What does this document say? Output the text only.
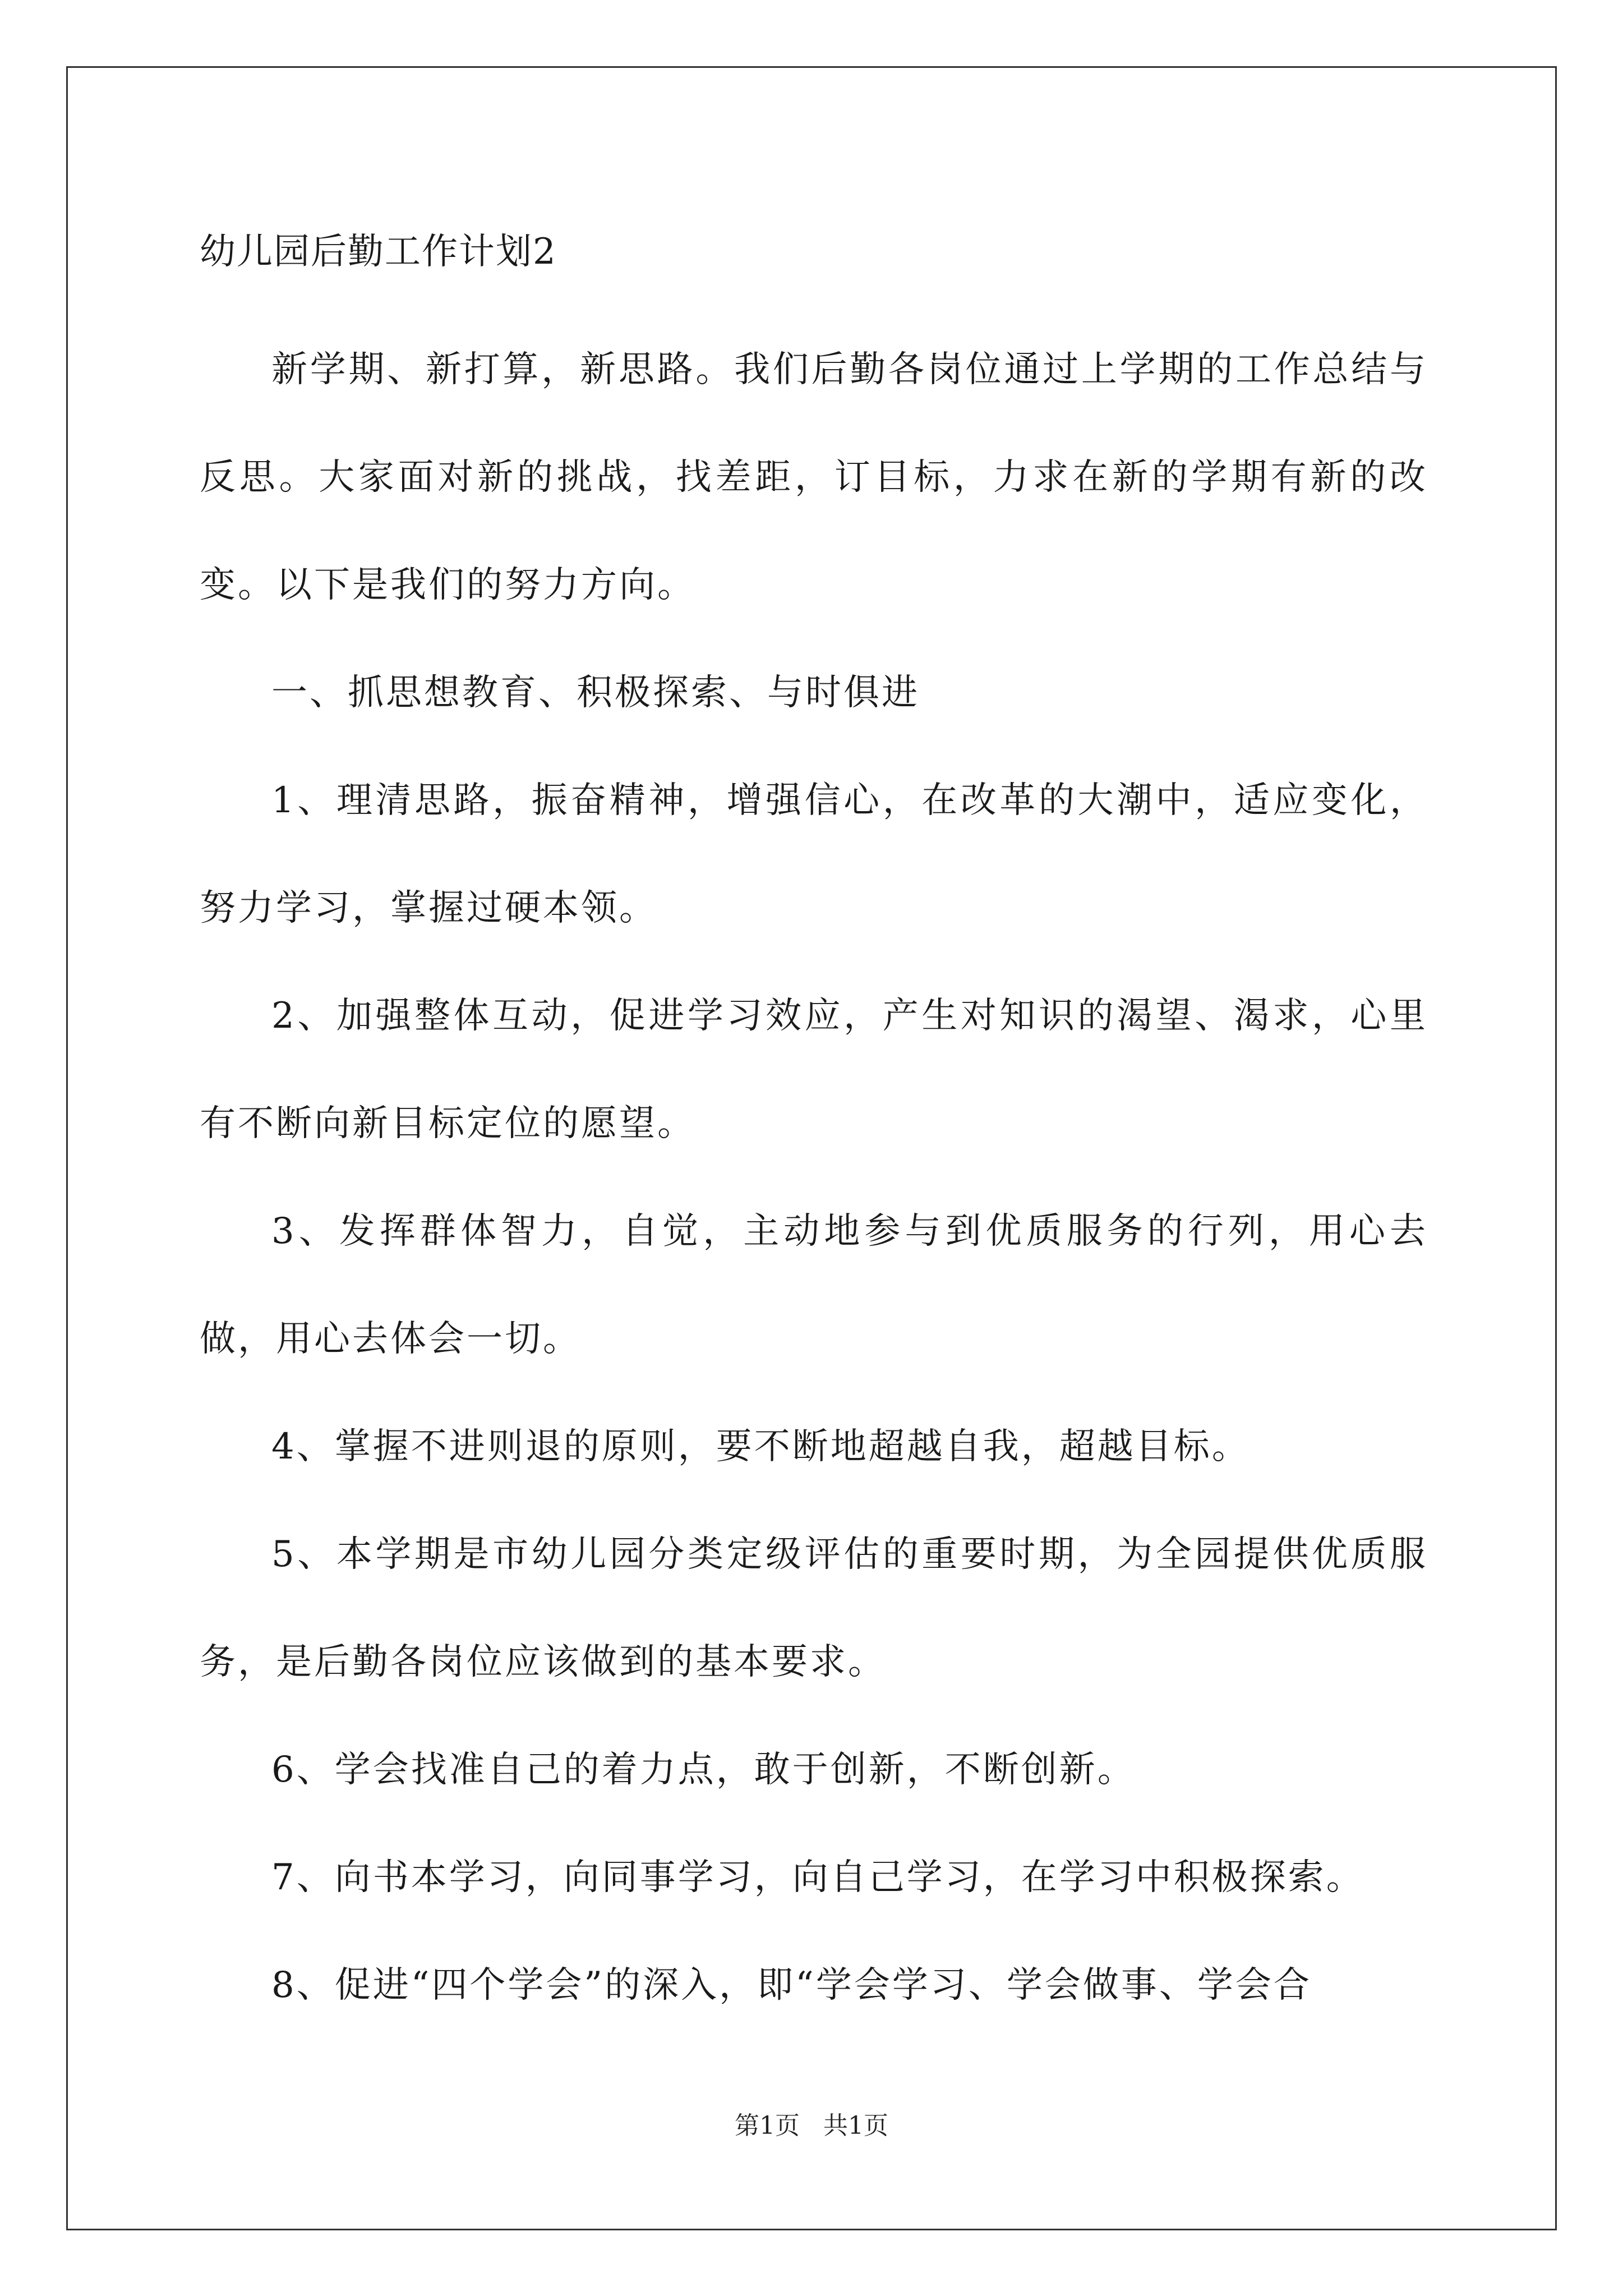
幼儿园后勤工作计划2

新学期、新打算，新思路。我们后勤各岗位通过上学期的工作总结与反思。大家面对新的挑战，找差距，订目标，力求在新的学期有新的改变。以下是我们的努力方向。

一、抓思想教育、积极探索、与时俱进

1、理清思路，振奋精神，增强信心，在改革的大潮中，适应变化，努力学习，掌握过硬本领。

2、加强整体互动，促进学习效应，产生对知识的渴望、渴求，心里有不断向新目标定位的愿望。

3、发挥群体智力，自觉，主动地参与到优质服务的行列，用心去做，用心去体会一切。

4、掌握不进则退的原则，要不断地超越自我，超越目标。

5、本学期是市幼儿园分类定级评估的重要时期，为全园提供优质服务，是后勤各岗位应该做到的基本要求。

6、学会找准自己的着力点，敢于创新，不断创新。

7、向书本学习，向同事学习，向自己学习，在学习中积极探索。

8、促进“四个学会”的深入，即“学会学习、学会做事、学会合

第1页   共1页
